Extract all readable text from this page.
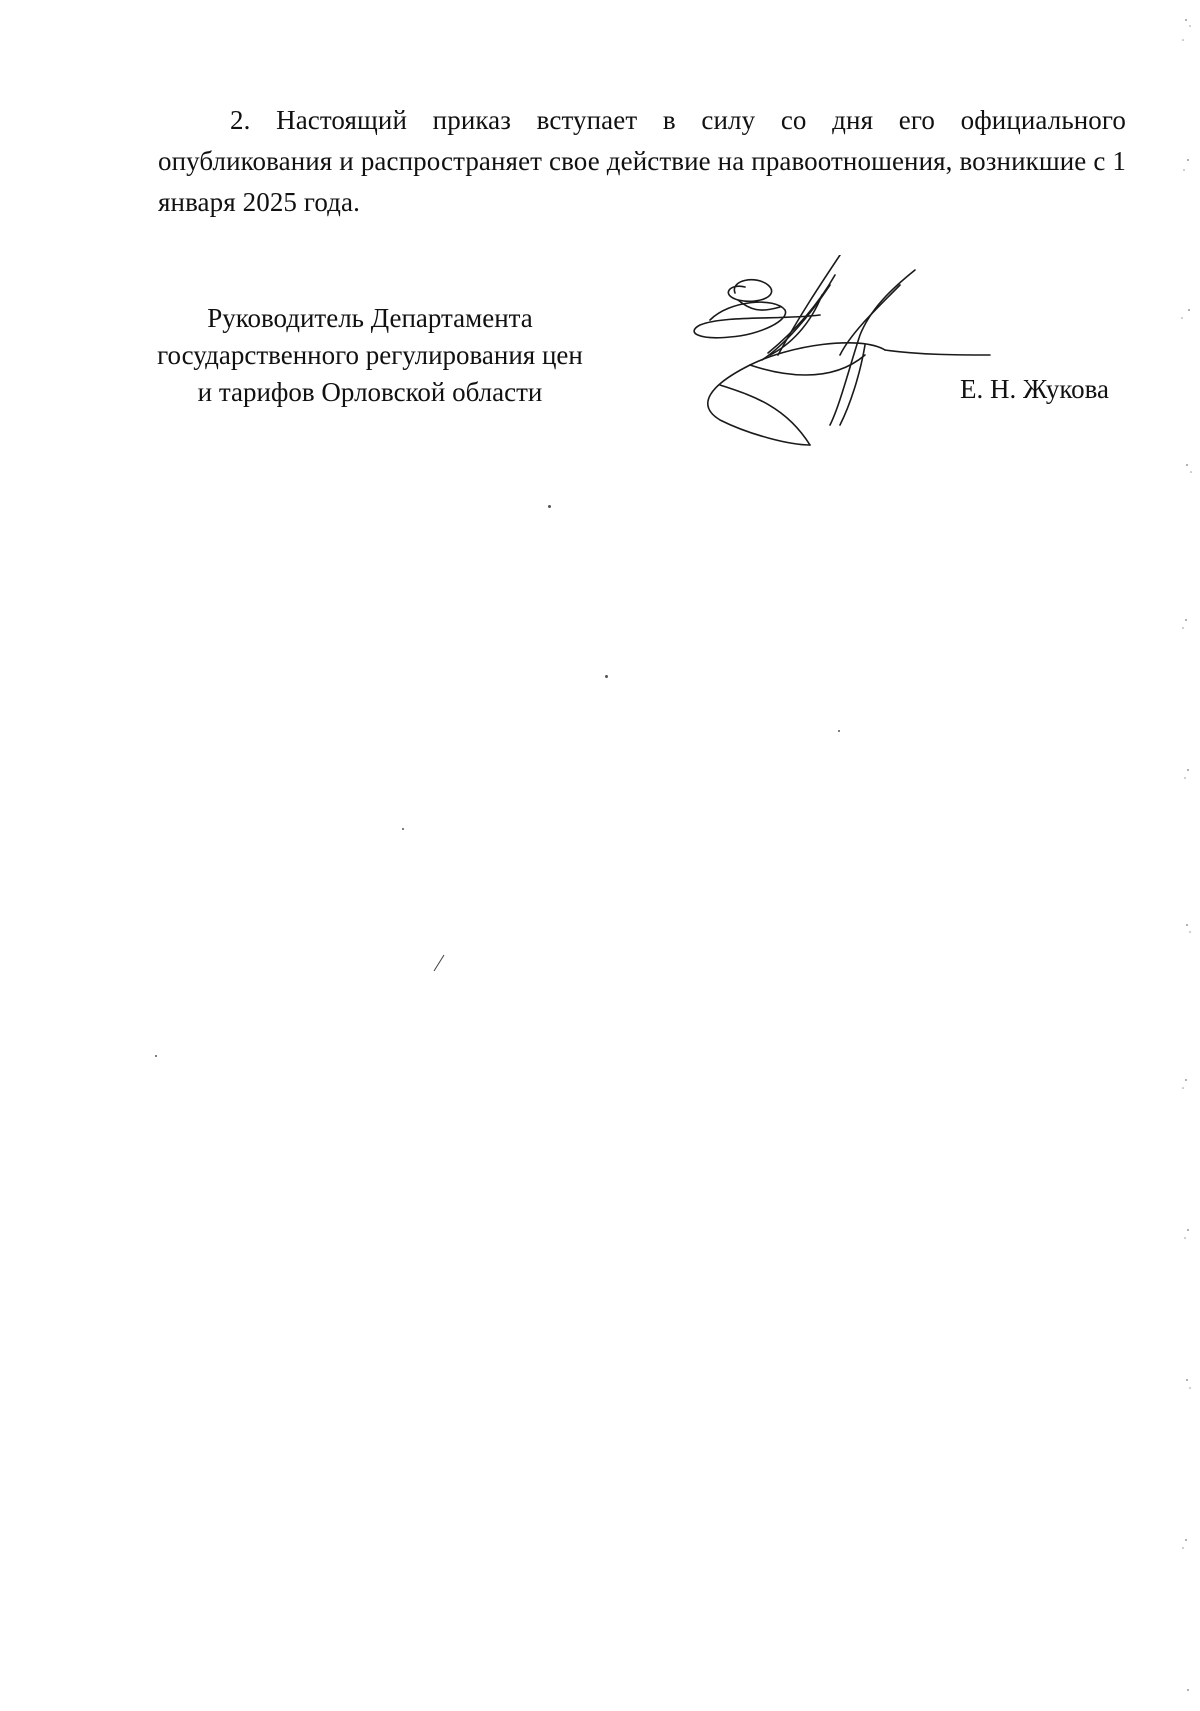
2. Настоящий приказ вступает в силу со дня его официального опубликования и распространяет свое действие на правоотношения, возникшие с 1 января 2025 года.

Руководитель Департамента
государственного регулирования цен
и тарифов Орловской области	Е. Н. Жукова
